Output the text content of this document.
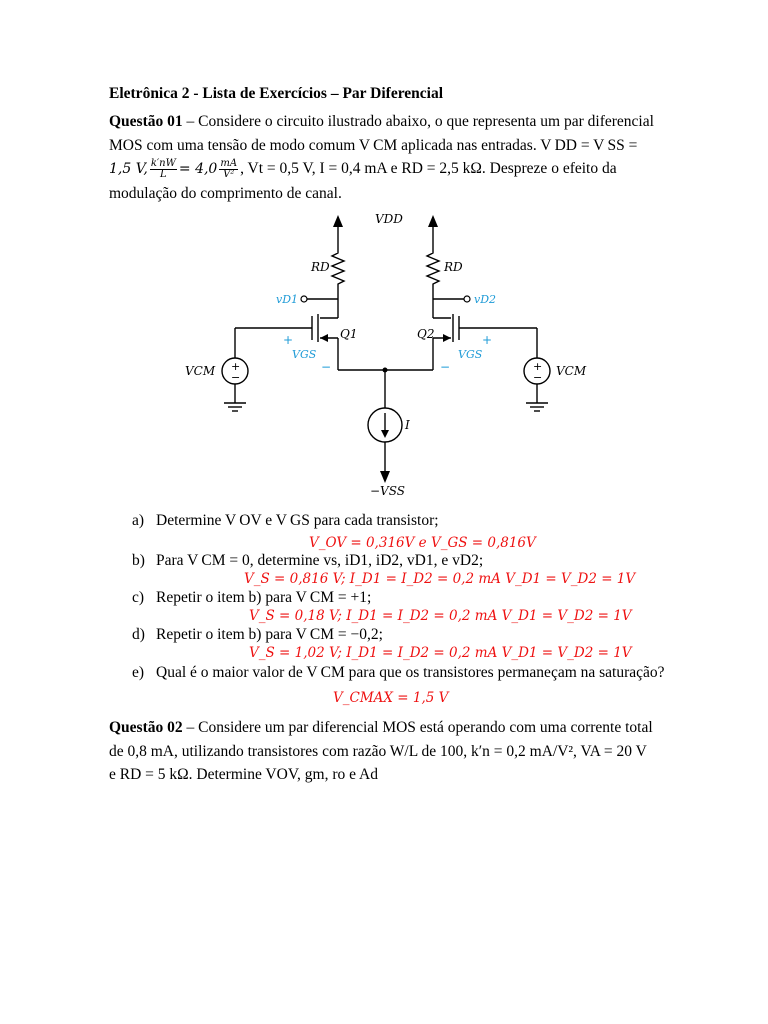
Eletrônica 2 - Lista de Exercícios – Par Diferencial
Questão 01 – Considere o circuito ilustrado abaixo, o que representa um par diferencial
MOS com uma tensão de modo comum V CM aplicada nas entradas. V DD = V SS =
1,5 V, $\frac{k'nW}{L} = 4,0 \frac{mA}{\text{V²}}$ , Vt = 0,5 V, I = 0,4 mA e RD = 2,5 kΩ. Despreze o efeito da
modulação do comprimento de canal.
VDD
RD	RD
Q1	Q2
VCM	VCM
I
−VSS
vD1	vD2
VGS	VGS
+
−
+
−
+
−
+
−
a) Determine V OV e V GS para cada transistor;
V_OV = 0,316V e V_GS = 0,816V
b) Para V CM = 0, determine vs, iD1, iD2, vD1, e vD2;
V_S = 0,816 V; I_D1 = I_D2 = 0,2 mA V_D1 = V_D2 = 1V
c) Repetir o item b) para V CM = +1;
V_S = 0,18 V; I_D1 = I_D2 = 0,2 mA V_D1 = V_D2 = 1V
d) Repetir o item b) para V CM = −0,2;
V_S = 1,02 V; I_D1 = I_D2 = 0,2 mA V_D1 = V_D2 = 1V
e) Qual é o maior valor de V CM para que os transistores permaneçam na saturação?
V_CMAX = 1,5 V
Questão 02 – Considere um par diferencial MOS está operando com uma corrente total
de 0,8 mA, utilizando transistores com razão W/L de 100, k′n = 0,2 mA/V², VA = 20 V
e RD = 5 kΩ. Determine VOV, gm, ro e Ad
